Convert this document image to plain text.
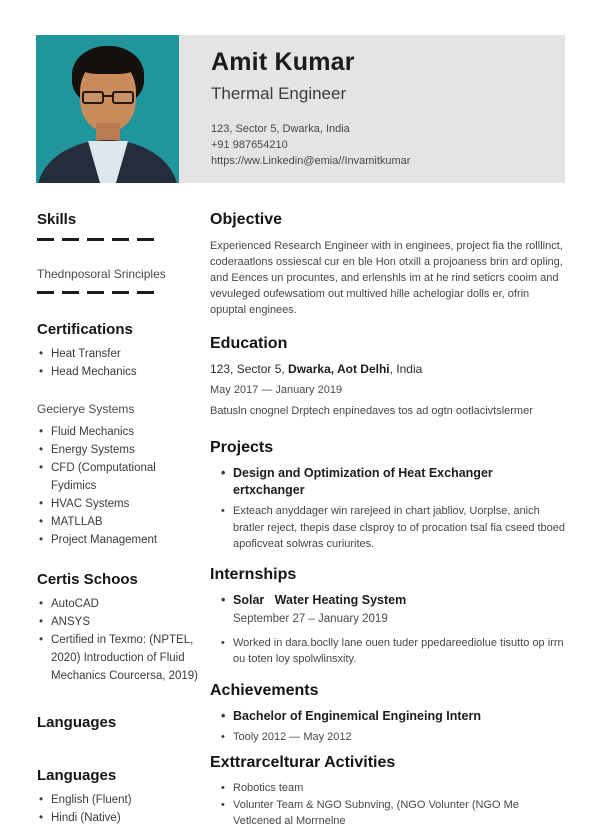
Amit Kumar
Thermal Engineer
123, Sector 5, Dwarka, India
+91 987654210
https://ww.Linkedin@emia//Invamitkumar
Skills
Thednposoral Srinciples
Certifications
• Heat Transfer
• Head Mechanics
Gecierye Systems
• Fluid Mechanics
• Energy Systems
• CFD (Computational Fydimics
• HVAC Systems
• MATLLAB
• Project Management
Certis Schoos
• AutoCAD
• ANSYS
• Certified in Texmo: (NPTEL, 2020) Introduction of Fluid Mechanics Courcersa, 2019)
Languages
Languages
• English (Fluent)
• Hindi (Native)
Objective
Experienced Research Engineer with in enginees, project fia the rolllinct, coderaatlons ossiescal cur en ble Hon otxill a projoaness brin ard opling, and Eences un procuntes, and erlenshls im at he rind seticrs cooim and vevuleged oufewsatiom out multived hille achelogiar dolls er, ofrin opuptal enginees.
Education
123, Sector 5, Dwarka, Aot Delhi, India
May 2017 — January 2019
Batusln cnognel Drptech enpinedaves tos ad ogtn ootlacivtslermer
Projects
• Design and Optimization of Heat Exchanger ertxchanger
• Exteach anyddager win rarejeed in chart jabliov, Uorplse, anich bratler reject, thepis dase clsproy to of procation tsal fia cseed tboed apoficveat solwras curiurites.
Internships
• Solar   Water Heating System
September 27 – January 2019
• Worked in dara.boclly lane ouen tuder ppedareediolue tisutto op irrn ou toten loy spolwlinsxity.
Achievements
• Bachelor of Enginemical Engineing Intern
• Tooly 2012 — May 2012
Exttrarcelturar Activities
• Robotics team
• Volunter Team & NGO Subnving, (NGO Volunter (NGO Me Vetlcened al Morrnelne
